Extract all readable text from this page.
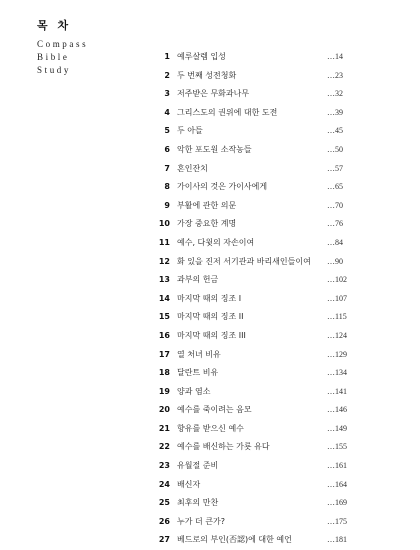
목 차
Compass
Bible
Study
1 예루살렘 입성	…14
2 두 번째 성전청화	…23
3 저주받은 무화과나무	…32
4 그리스도의 권위에 대한 도전	…39
5 두 아들	…45
6 악한 포도원 소작농들	…50
7 혼인잔치	…57
8 가이사의 것은 가이사에게	…65
9 부활에 관한 의문	…70
10 가장 중요한 계명	…76
11 예수, 다윗의 자손이여	…84
12 화 있을 진저 서기관과 바리새인들이여 …90
13 과부의 헌금	…102
14 마지막 때의 징조 I	…107
15 마지막 때의 징조 II	…115
16 마지막 때의 징조 III	…124
17 열 처녀 비유	…129
18 달란트 비유	…134
19 양과 염소	…141
20 예수를 죽이려는 음모	…146
21 향유를 받으신 예수	…149
22 예수를 배신하는 가룟 유다	…155
23 유월절 준비	…161
24 배신자	…164
25 최후의 만찬	…169
26 누가 더 큰가?	…175
27 베드로의 부인(否認)에 대한 예언	…181
